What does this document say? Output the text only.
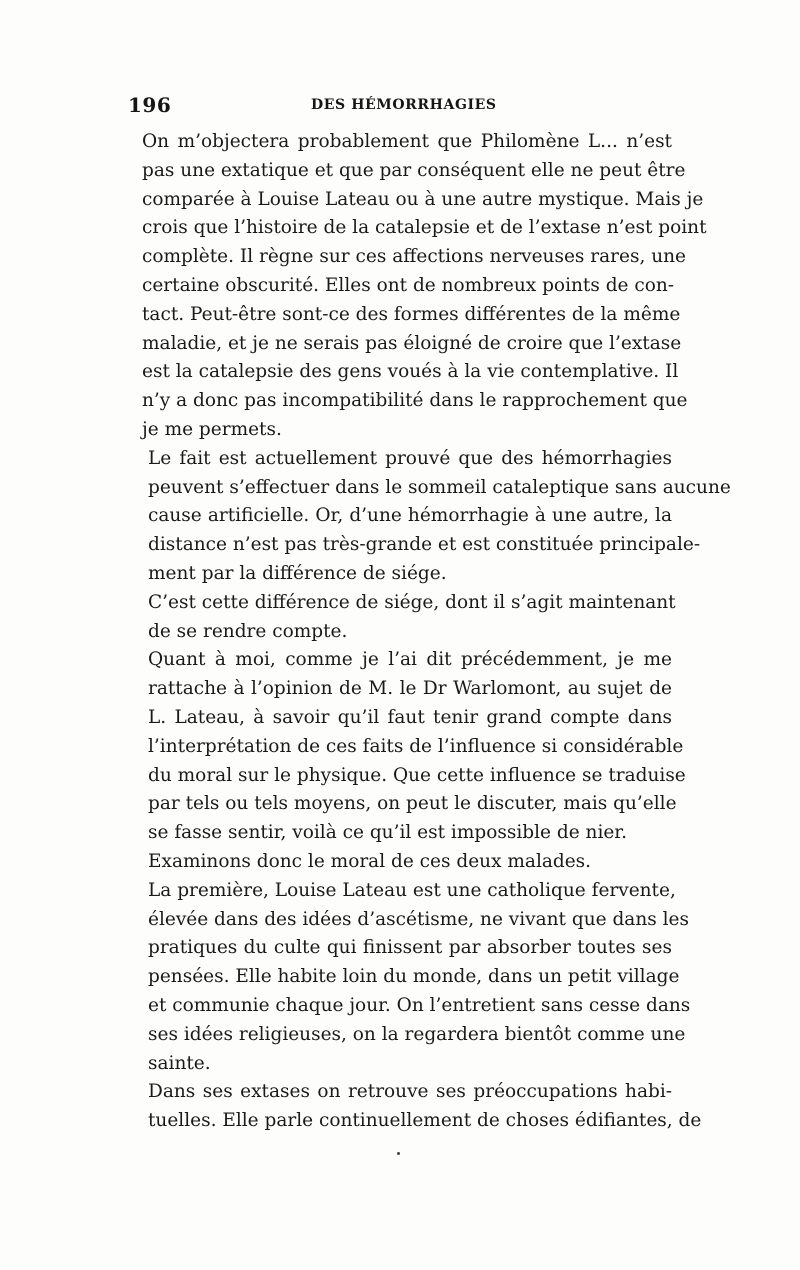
196	DES HÉMORRHAGIES

On m’objectera probablement que Philomène L... n’est
pas une extatique et que par conséquent elle ne peut être
comparée à Louise Lateau ou à une autre mystique. Mais je
crois que l’histoire de la catalepsie et de l’extase n’est point
complète. Il règne sur ces affections nerveuses rares, une
certaine obscurité. Elles ont de nombreux points de con-
tact. Peut-être sont-ce des formes différentes de la même
maladie, et je ne serais pas éloigné de croire que l’extase
est la catalepsie des gens voués à la vie contemplative. Il
n’y a donc pas incompatibilité dans le rapprochement que
je me permets.

Le fait est actuellement prouvé que des hémorrhagies
peuvent s’effectuer dans le sommeil cataleptique sans aucune
cause artificielle. Or, d’une hémorrhagie à une autre, la
distance n’est pas très-grande et est constituée principale-
ment par la différence de siége.

C’est cette différence de siége, dont il s’agit maintenant
de se rendre compte.

Quant à moi, comme je l’ai dit précédemment, je me
rattache à l’opinion de M. le Dr Warlomont, au sujet de
L. Lateau, à savoir qu’il faut tenir grand compte dans
l’interprétation de ces faits de l’influence si considérable
du moral sur le physique. Que cette influence se traduise
par tels ou tels moyens, on peut le discuter, mais qu’elle
se fasse sentir, voilà ce qu’il est impossible de nier.

Examinons donc le moral de ces deux malades.

La première, Louise Lateau est une catholique fervente,
élevée dans des idées d’ascétisme, ne vivant que dans les
pratiques du culte qui finissent par absorber toutes ses
pensées. Elle habite loin du monde, dans un petit village
et communie chaque jour. On l’entretient sans cesse dans
ses idées religieuses, on la regardera bientôt comme une
sainte.

Dans ses extases on retrouve ses préoccupations habi-
tuelles. Elle parle continuellement de choses édifiantes, de
